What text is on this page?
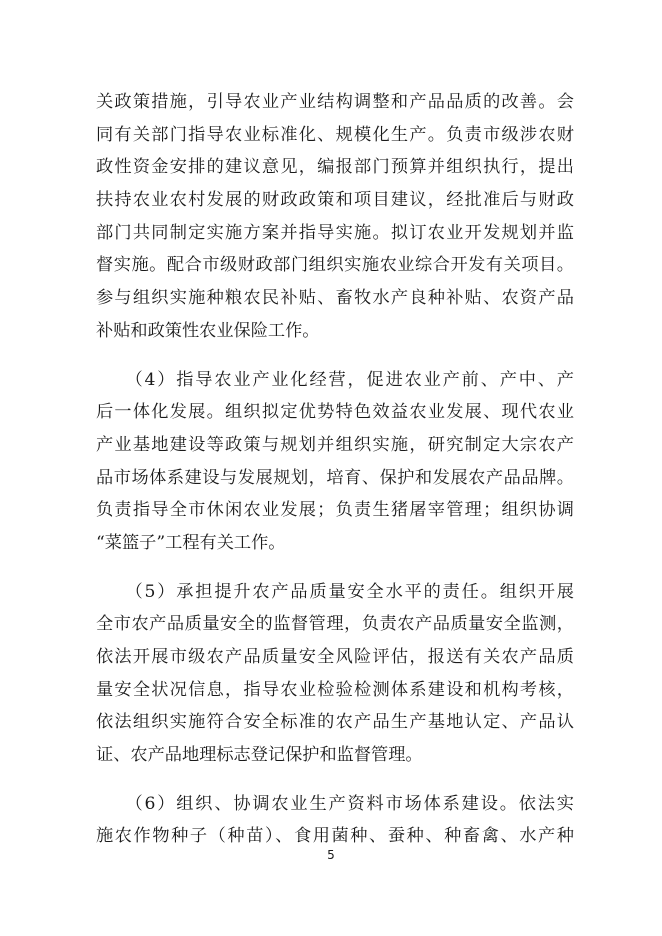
关政策措施，引导农业产业结构调整和产品品质的改善。会
同有关部门指导农业标准化、规模化生产。负责市级涉农财
政性资金安排的建议意见，编报部门预算并组织执行，提出
扶持农业农村发展的财政政策和项目建议，经批准后与财政
部门共同制定实施方案并指导实施。拟订农业开发规划并监
督实施。配合市级财政部门组织实施农业综合开发有关项目。
参与组织实施种粮农民补贴、畜牧水产良种补贴、农资产品
补贴和政策性农业保险工作。
　　（4）指导农业产业化经营，促进农业产前、产中、产
后一体化发展。组织拟定优势特色效益农业发展、现代农业
产业基地建设等政策与规划并组织实施，研究制定大宗农产
品市场体系建设与发展规划，培育、保护和发展农产品品牌。
负责指导全市休闲农业发展；负责生猪屠宰管理；组织协调
“菜篮子”工程有关工作。
　　（5）承担提升农产品质量安全水平的责任。组织开展
全市农产品质量安全的监督管理，负责农产品质量安全监测，
依法开展市级农产品质量安全风险评估，报送有关农产品质
量安全状况信息，指导农业检验检测体系建设和机构考核，
依法组织实施符合安全标准的农产品生产基地认定、产品认
证、农产品地理标志登记保护和监督管理。
　　（6）组织、协调农业生产资料市场体系建设。依法实
施农作物种子（种苗）、食用菌种、蚕种、种畜禽、水产种
5
